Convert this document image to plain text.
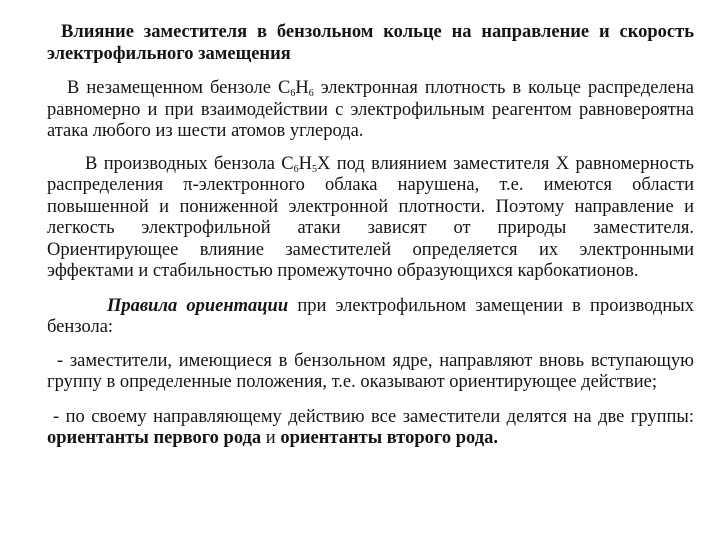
Влияние заместителя в бензольном кольце на направление и скорость электрофильного замещения

В незамещенном бензоле $С_6Н_6$ электронная плотность в кольце распределена равномерно и при взаимодействии с электрофильным реагентом равновероятна атака любого из шести атомов углерода.

В производных бензола $С_6Н_5Х$ под влиянием заместителя Х равномерность распределения π-электронного облака нарушена, т.е. имеются области повышенной и пониженной электронной плотности. Поэтому направление и легкость электрофильной атаки зависят от природы заместителя. Ориентирующее влияние заместителей определяется их электронными эффектами и стабильностью промежуточно образующихся карбокатионов.

Правила ориентации при электрофильном замещении в производных бензола:

- заместители, имеющиеся в бензольном ядре, направляют вновь вступающую группу в определенные положения, т.е. оказывают ориентирующее действие;

- по своему направляющему действию все заместители делятся на две группы: ориентанты первого рода и ориентанты второго рода.
